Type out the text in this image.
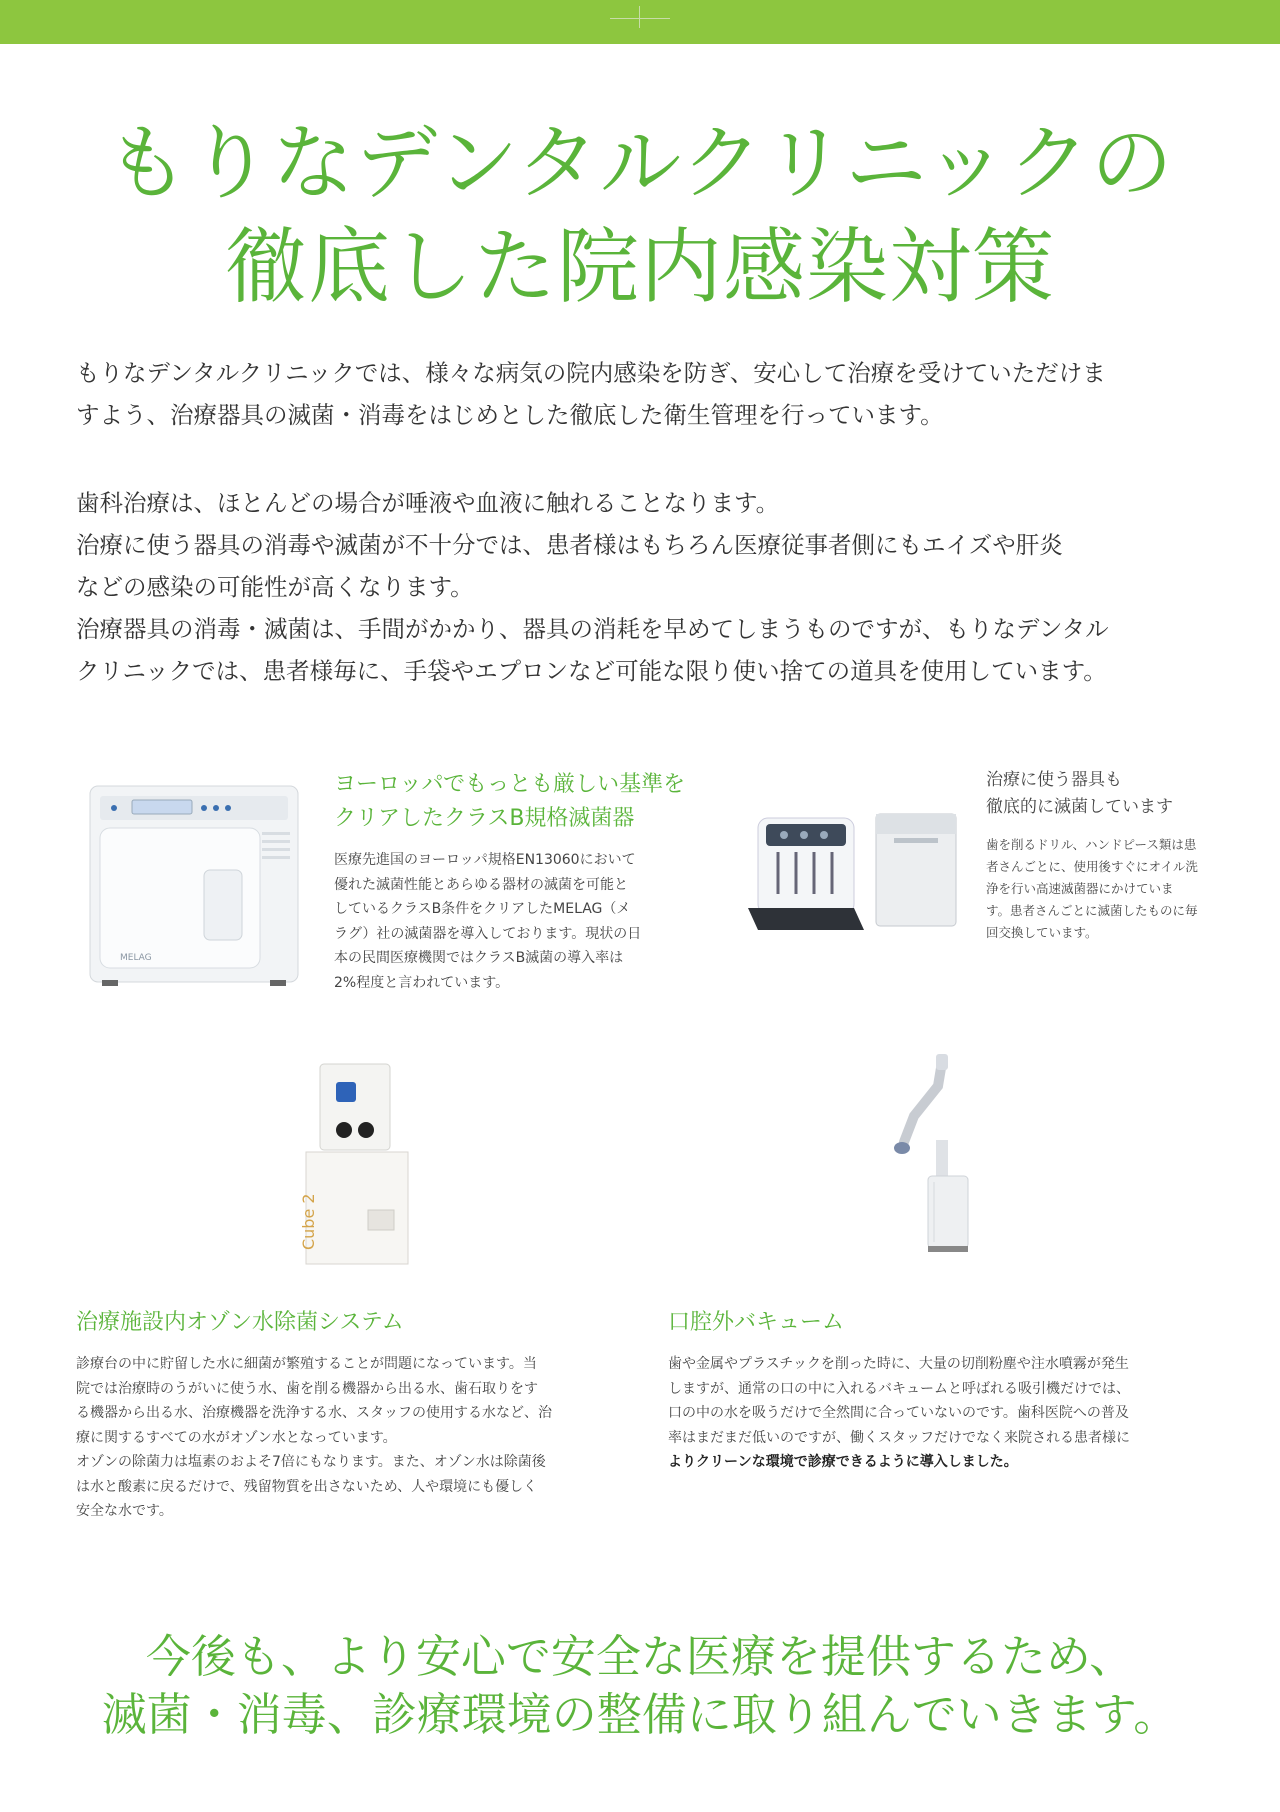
もりなデンタルクリニックの
徹底した院内感染対策

もりなデンタルクリニックでは、様々な病気の院内感染を防ぎ、安心して治療を受けていただけま

すよう、治療器具の滅菌・消毒をはじめとした徹底した衛生管理を行っています。

歯科治療は、ほとんどの場合が唾液や血液に触れることなります。

治療に使う器具の消毒や滅菌が不十分では、患者様はもちろん医療従事者側にもエイズや肝炎

などの感染の可能性が高くなります。

治療器具の消毒・滅菌は、手間がかかり、器具の消耗を早めてしまうものですが、もりなデンタル

クリニックでは、患者様毎に、手袋やエプロンなど可能な限り使い捨ての道具を使用しています。

MELAG
ヨーロッパでもっとも厳しい基準を
クリアしたクラスB規格滅菌器
医療先進国のヨーロッパ規格EN13060において
優れた滅菌性能とあらゆる器材の滅菌を可能と
しているクラスB条件をクリアしたMELAG（メ
ラグ）社の滅菌器を導入しております。現状の日
本の民間医療機関ではクラスB滅菌の導入率は
2%程度と言われています。
治療に使う器具も
徹底的に滅菌しています
歯を削るドリル、ハンドピース類は患
者さんごとに、使用後すぐにオイル洗
浄を行い高速滅菌器にかけていま
す。患者さんごとに滅菌したものに毎
回交換しています。
Cube 2
治療施設内オゾン水除菌システム
診療台の中に貯留した水に細菌が繁殖することが問題になっています。当
院では治療時のうがいに使う水、歯を削る機器から出る水、歯石取りをす
る機器から出る水、治療機器を洗浄する水、スタッフの使用する水など、治
療に関するすべての水がオゾン水となっています。
オゾンの除菌力は塩素のおよそ7倍にもなります。また、オゾン水は除菌後
は水と酸素に戻るだけで、残留物質を出さないため、人や環境にも優しく
安全な水です。
口腔外バキューム
歯や金属やプラスチックを削った時に、大量の切削粉塵や注水噴霧が発生
しますが、通常の口の中に入れるバキュームと呼ばれる吸引機だけでは、
口の中の水を吸うだけで全然間に合っていないのです。歯科医院への普及
率はまだまだ低いのですが、働くスタッフだけでなく来院される患者様に
よりクリーンな環境で診療できるように導入しました。
今後も、より安心で安全な医療を提供するため、
滅菌・消毒、診療環境の整備に取り組んでいきます。
